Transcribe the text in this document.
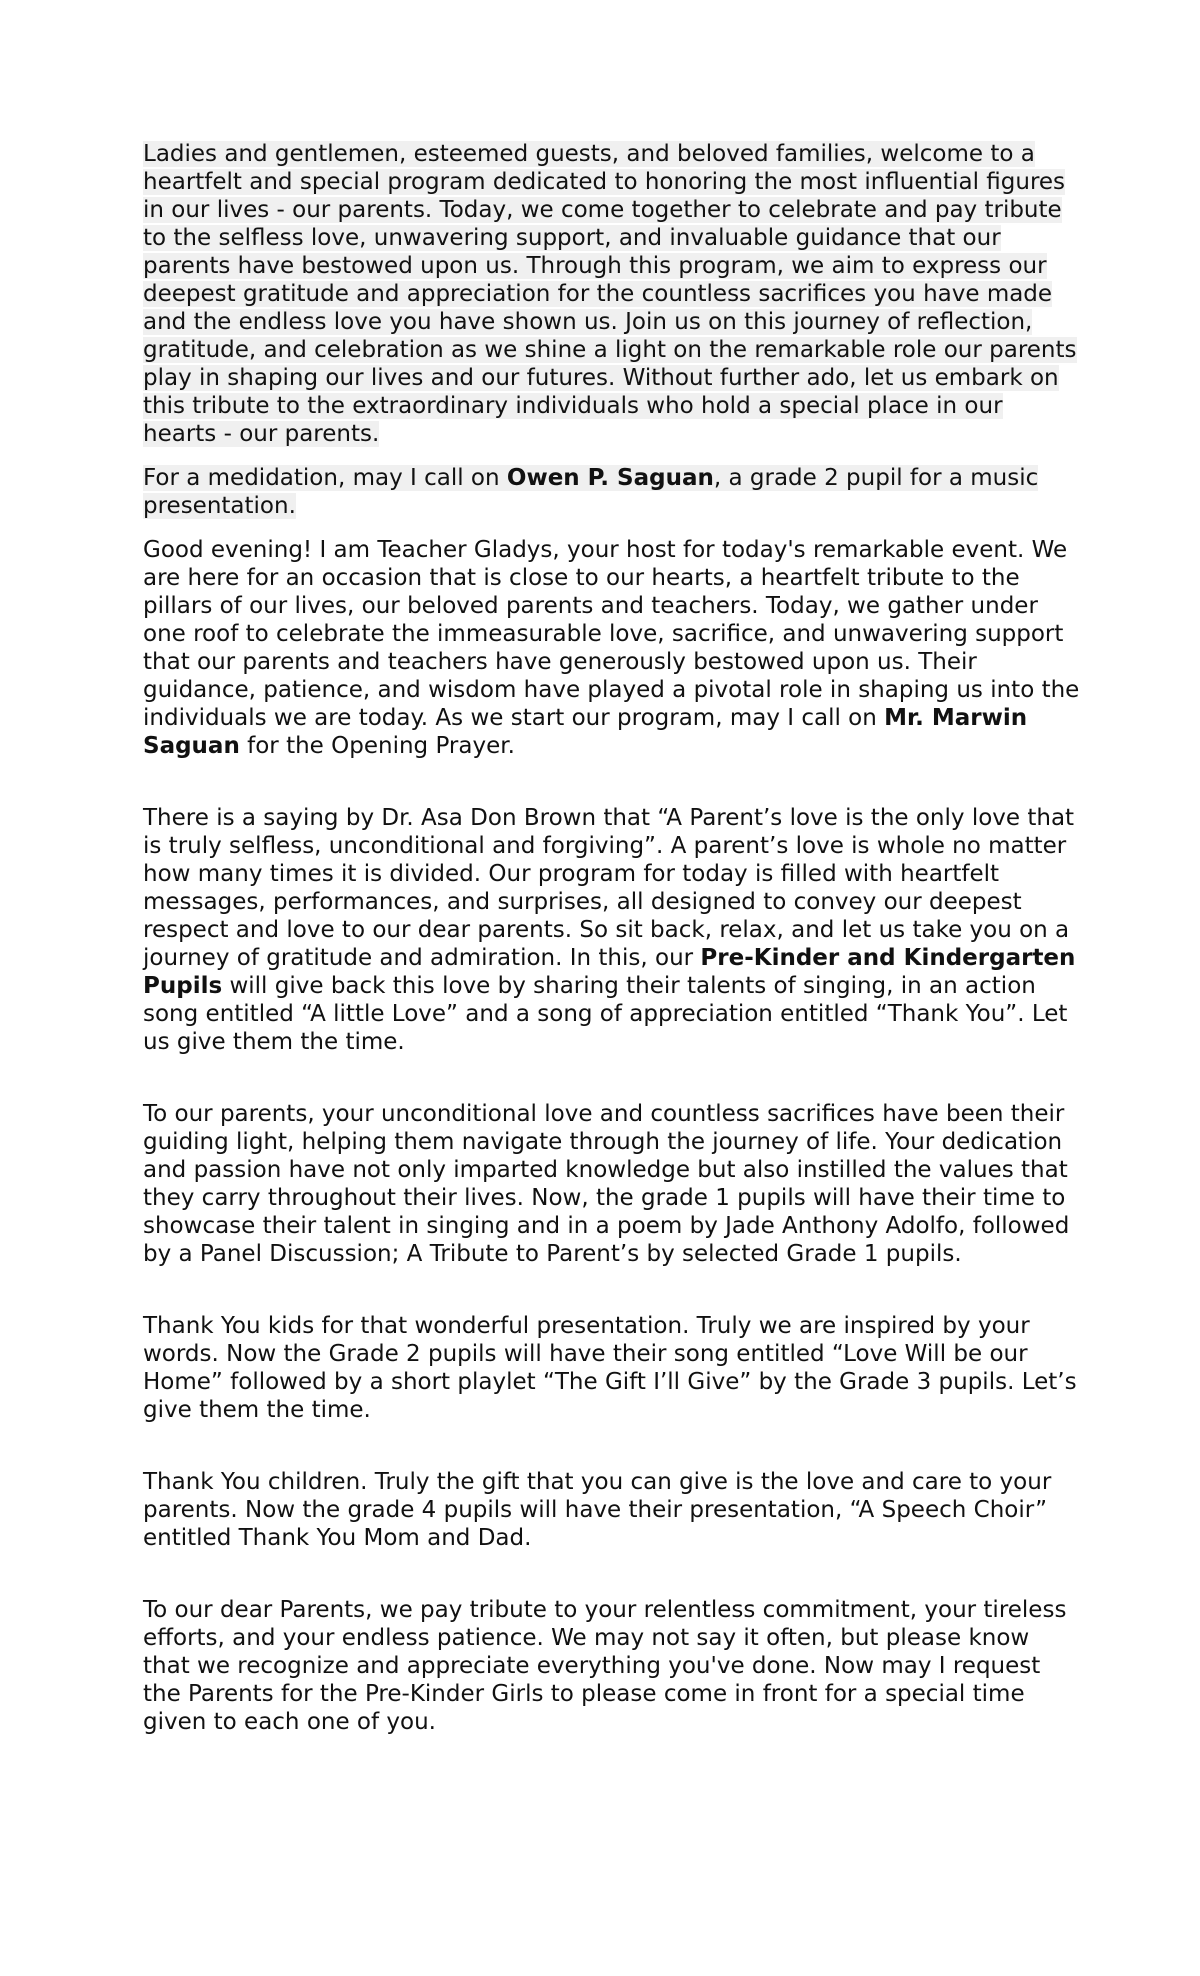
Ladies and gentlemen, esteemed guests, and beloved families, welcome to a heartfelt and special program dedicated to honoring the most influential figures in our lives - our parents. Today, we come together to celebrate and pay tribute to the selfless love, unwavering support, and invaluable guidance that our parents have bestowed upon us. Through this program, we aim to express our deepest gratitude and appreciation for the countless sacrifices you have made and the endless love you have shown us. Join us on this journey of reflection, gratitude, and celebration as we shine a light on the remarkable role our parents play in shaping our lives and our futures. Without further ado, let us embark on this tribute to the extraordinary individuals who hold a special place in our hearts - our parents.

For a medidation, may I call on Owen P. Saguan, a grade 2 pupil for a music presentation.

Good evening! I am Teacher Gladys, your host for today's remarkable event. We are here for an occasion that is close to our hearts, a heartfelt tribute to the pillars of our lives, our beloved parents and teachers. Today, we gather under one roof to celebrate the immeasurable love, sacrifice, and unwavering support that our parents and teachers have generously bestowed upon us. Their guidance, patience, and wisdom have played a pivotal role in shaping us into the individuals we are today. As we start our program, may I call on Mr. Marwin Saguan for the Opening Prayer.

There is a saying by Dr. Asa Don Brown that “A Parent’s love is the only love that is truly selfless, unconditional and forgiving”. A parent’s love is whole no matter how many times it is divided. Our program for today is filled with heartfelt messages, performances, and surprises, all designed to convey our deepest respect and love to our dear parents. So sit back, relax, and let us take you on a journey of gratitude and admiration. In this, our Pre-Kinder and Kindergarten Pupils will give back this love by sharing their talents of singing, in an action song entitled “A little Love” and a song of appreciation entitled “Thank You”. Let us give them the time.

To our parents, your unconditional love and countless sacrifices have been their guiding light, helping them navigate through the journey of life. Your dedication and passion have not only imparted knowledge but also instilled the values that they carry throughout their lives. Now, the grade 1 pupils will have their time to showcase their talent in singing and in a poem by Jade Anthony Adolfo, followed by a Panel Discussion; A Tribute to Parent’s by selected Grade 1 pupils.

Thank You kids for that wonderful presentation. Truly we are inspired by your words. Now the Grade 2 pupils will have their song entitled “Love Will be our Home” followed by a short playlet “The Gift I’ll Give” by the Grade 3 pupils. Let’s give them the time.

Thank You children. Truly the gift that you can give is the love and care to your parents. Now the grade 4 pupils will have their presentation, “A Speech Choir” entitled Thank You Mom and Dad.

To our dear Parents, we pay tribute to your relentless commitment, your tireless efforts, and your endless patience. We may not say it often, but please know that we recognize and appreciate everything you've done. Now may I request the Parents for the Pre-Kinder Girls to please come in front for a special time given to each one of you.
